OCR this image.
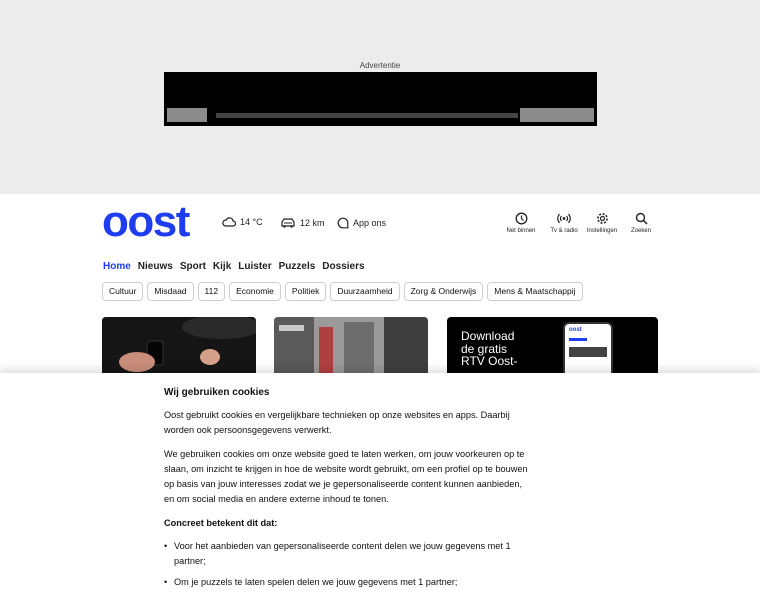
Advertentie
oost	14 °C	12 km	App ons
Net binnen Tv & radio Instellingen Zoeken
Home Nieuws Sport Kijk Luister Puzzels Dossiers
Cultuur	Misdaad	112	Economie	Politiek	Duurzaamheid	Zorg & Onderwijs	Mens & Maatschappij
Download de gratis RTV Oost-
oost
Wij gebruiken cookies

Oost gebruikt cookies en vergelijkbare technieken op onze websites en apps. Daarbij worden ook persoonsgegevens verwerkt.

We gebruiken cookies om onze website goed te laten werken, om jouw voorkeuren op te slaan, om inzicht te krijgen in hoe de website wordt gebruikt, om een profiel op te bouwen op basis van jouw interesses zodat we je gepersonaliseerde content kunnen aanbieden, en om social media en andere externe inhoud te tonen.

Concreet betekent dit dat:
• Voor het aanbieden van gepersonaliseerde content delen we jouw gegevens met 1 partner;
• Om je puzzels te laten spelen delen we jouw gegevens met 1 partner;
